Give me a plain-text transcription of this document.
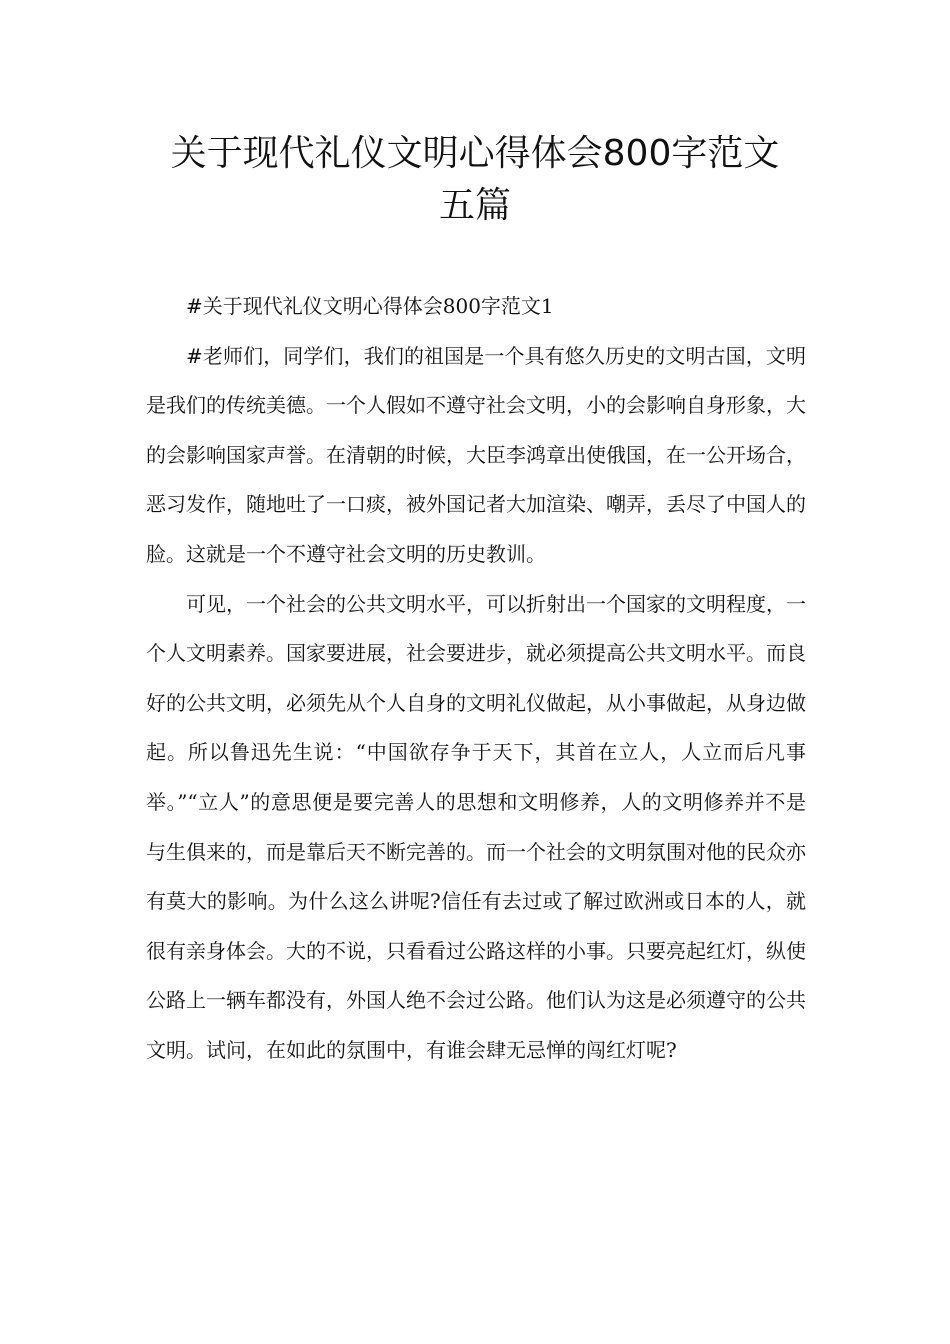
关于现代礼仪文明心得体会800字范文
五篇

#关于现代礼仪文明心得体会800字范文1

#老师们，同学们，我们的祖国是一个具有悠久历史的文明古国，文明是我们的传统美德。一个人假如不遵守社会文明，小的会影响自身形象，大的会影响国家声誉。在清朝的时候，大臣李鸿章出使俄国，在一公开场合，恶习发作，随地吐了一口痰，被外国记者大加渲染、嘲弄，丢尽了中国人的脸。这就是一个不遵守社会文明的历史教训。

可见，一个社会的公共文明水平，可以折射出一个国家的文明程度，一个人文明素养。国家要进展，社会要进步，就必须提高公共文明水平。而良好的公共文明，必须先从个人自身的文明礼仪做起，从小事做起，从身边做起。所以鲁迅先生说：“中国欲存争于天下，其首在立人，人立而后凡事举。”“立人”的意思便是要完善人的思想和文明修养，人的文明修养并不是与生俱来的，而是靠后天不断完善的。而一个社会的文明氛围对他的民众亦有莫大的影响。为什么这么讲呢?信任有去过或了解过欧洲或日本的人，就很有亲身体会。大的不说，只看看过公路这样的小事。只要亮起红灯，纵使公路上一辆车都没有，外国人绝不会过公路。他们认为这是必须遵守的公共文明。试问，在如此的氛围中，有谁会肆无忌惮的闯红灯呢?
